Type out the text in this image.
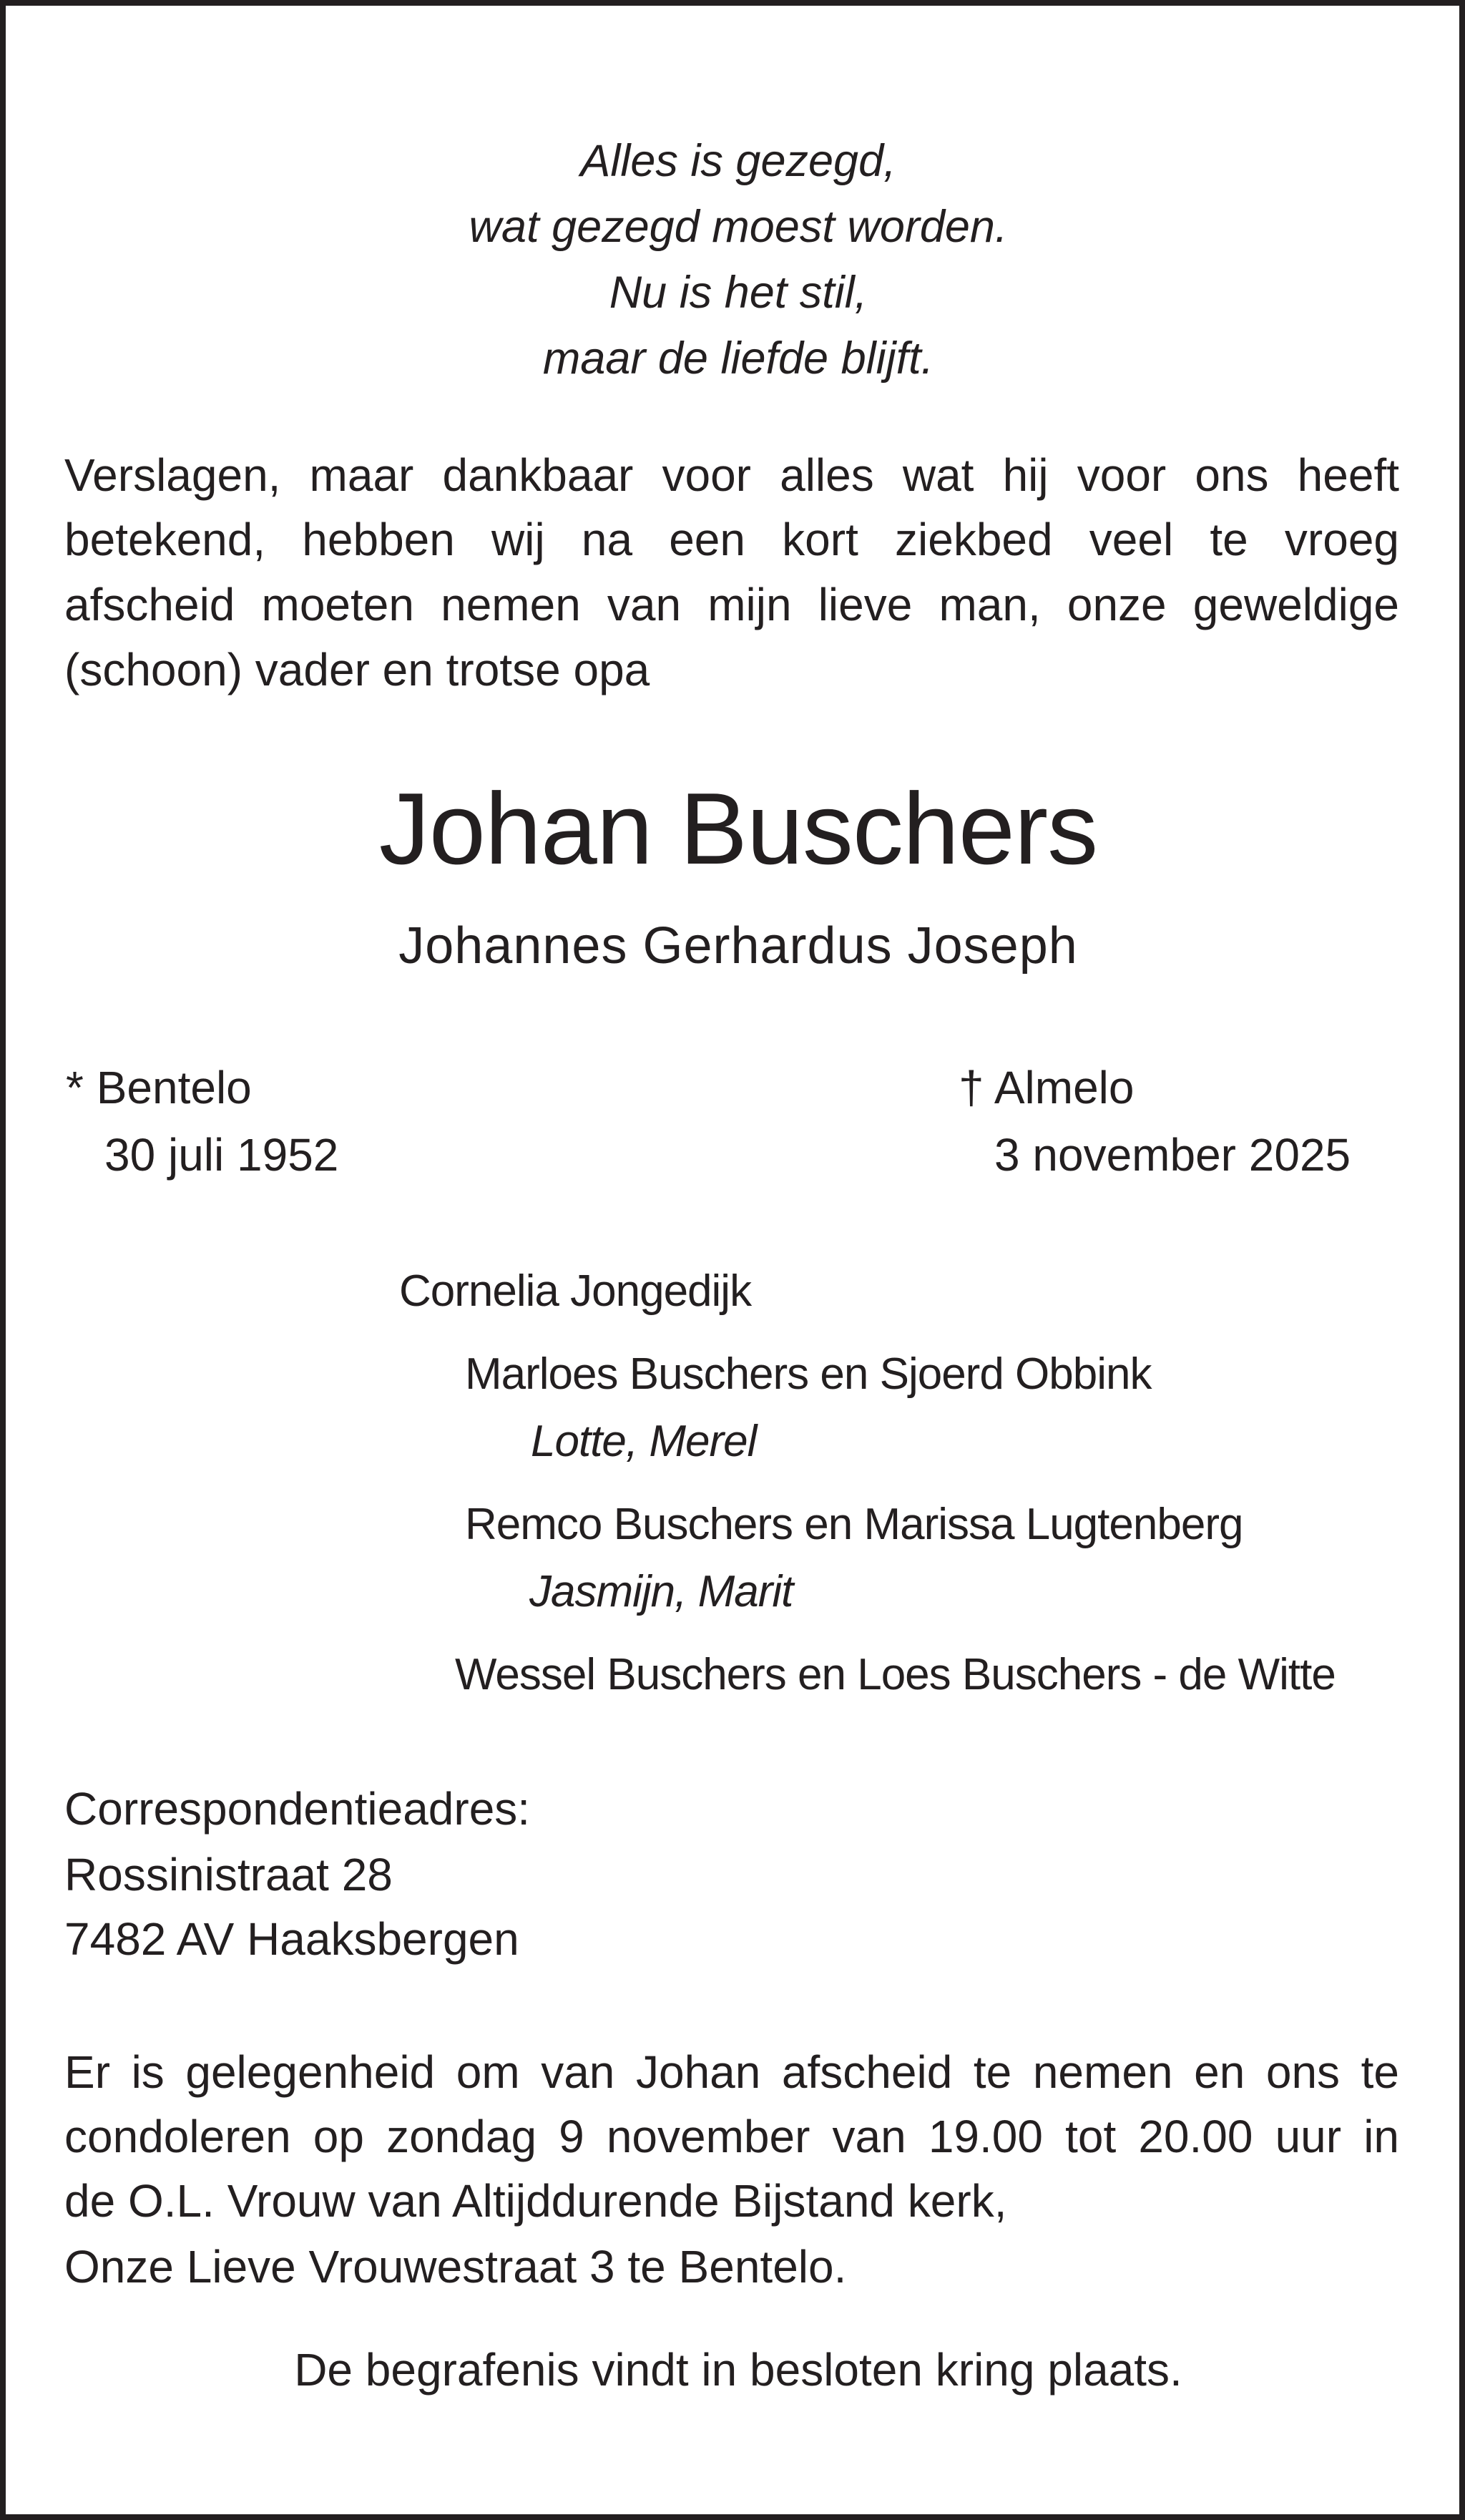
Alles is gezegd,

wat gezegd moest worden.

Nu is het stil,

maar de liefde blijft.

Verslagen, maar dankbaar voor alles wat hij voor ons heeft

betekend, hebben wij na een kort ziekbed veel te vroeg

afscheid moeten nemen van mijn lieve man, onze geweldige

(schoon) vader en trotse opa

Johan Buschers

Johannes Gerhardus Joseph

* Bentelo

30 juli 1952

† Almelo

3 november 2025

Cornelia Jongedijk

Marloes Buschers en Sjoerd Obbink

Lotte, Merel

Remco Buschers en Marissa Lugtenberg

Jasmijn, Marit

Wessel Buschers en Loes Buschers - de Witte

Correspondentieadres:

Rossinistraat 28

7482 AV Haaksbergen

Er is gelegenheid om van Johan afscheid te nemen en ons te

condoleren op zondag 9 november van 19.00 tot 20.00 uur in

de O.L. Vrouw van Altijddurende Bijstand kerk,

Onze Lieve Vrouwestraat 3 te Bentelo.

De begrafenis vindt in besloten kring plaats.
